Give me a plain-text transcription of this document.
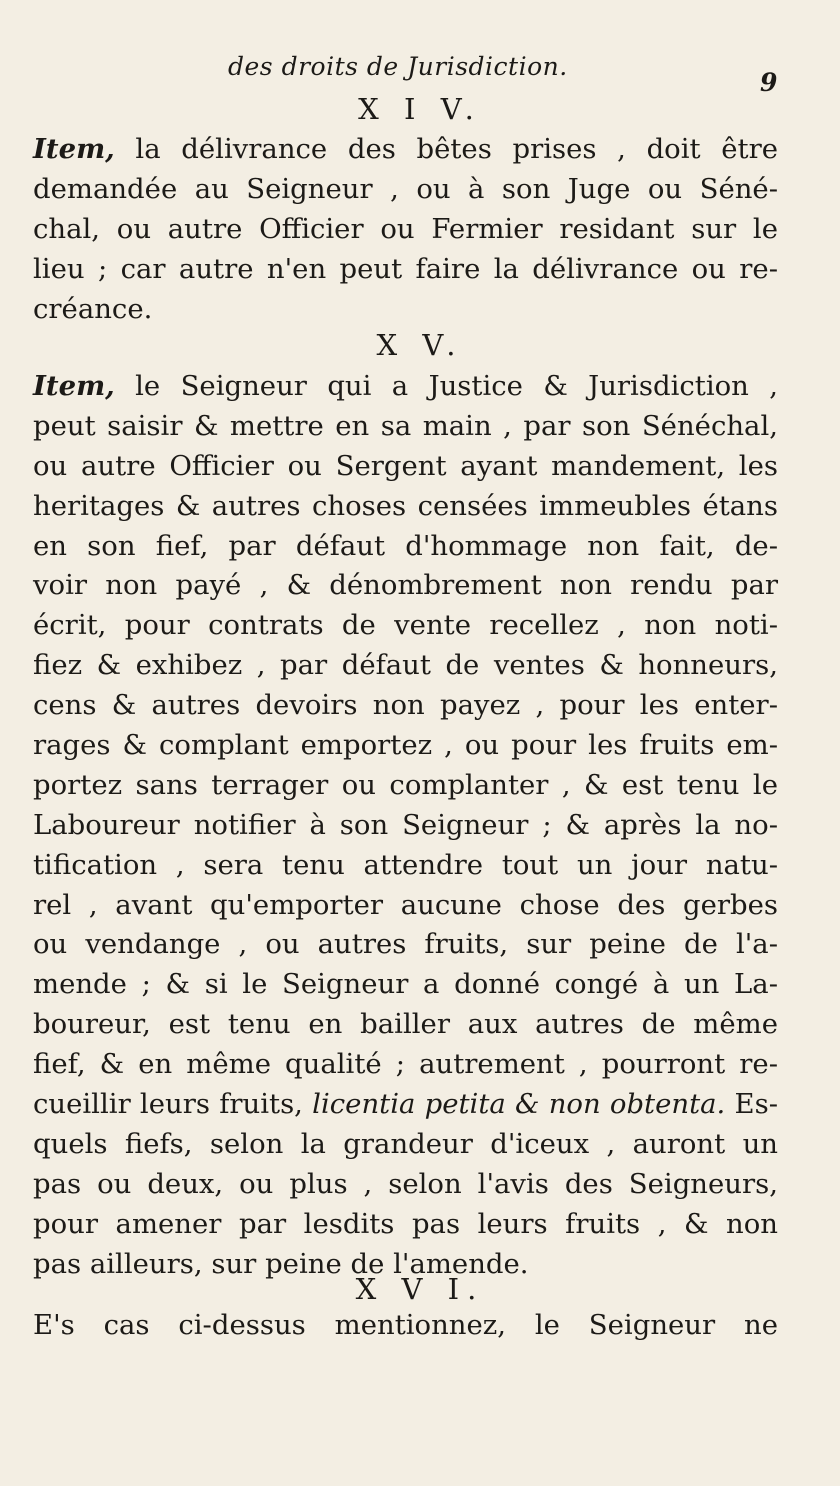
des droits de Jurisdiction.
9
X I V.
Item, la délivrance des bêtes prises , doit être
demandée au Seigneur , ou à son Juge ou Séné-
chal, ou autre Officier ou Fermier residant sur le
lieu ; car autre n'en peut faire la délivrance ou re-
créance.
X V.
Item, le Seigneur qui a Justice & Jurisdiction ,
peut saisir & mettre en sa main , par son Sénéchal,
ou autre Officier ou Sergent ayant mandement, les
heritages & autres choses censées immeubles étans
en son fief, par défaut d'hommage non fait, de-
voir non payé , & dénombrement non rendu par
écrit, pour contrats de vente recellez , non noti-
fiez & exhibez , par défaut de ventes & honneurs,
cens & autres devoirs non payez , pour les enter-
rages & complant emportez , ou pour les fruits em-
portez sans terrager ou complanter , & est tenu le
Laboureur notifier à son Seigneur ; & après la no-
tification , sera tenu attendre tout un jour natu-
rel , avant qu'emporter aucune chose des gerbes
ou vendange , ou autres fruits, sur peine de l'a-
mende ; & si le Seigneur a donné congé à un La-
boureur, est tenu en bailler aux autres de même
fief, & en même qualité ; autrement , pourront re-
cueillir leurs fruits, licentia petita & non obtenta. Es-
quels fiefs, selon la grandeur d'iceux , auront un
pas ou deux, ou plus , selon l'avis des Seigneurs,
pour amener par lesdits pas leurs fruits , & non
pas ailleurs, sur peine de l'amende.
X V I.
E's cas ci-dessus mentionnez, le Seigneur ne
